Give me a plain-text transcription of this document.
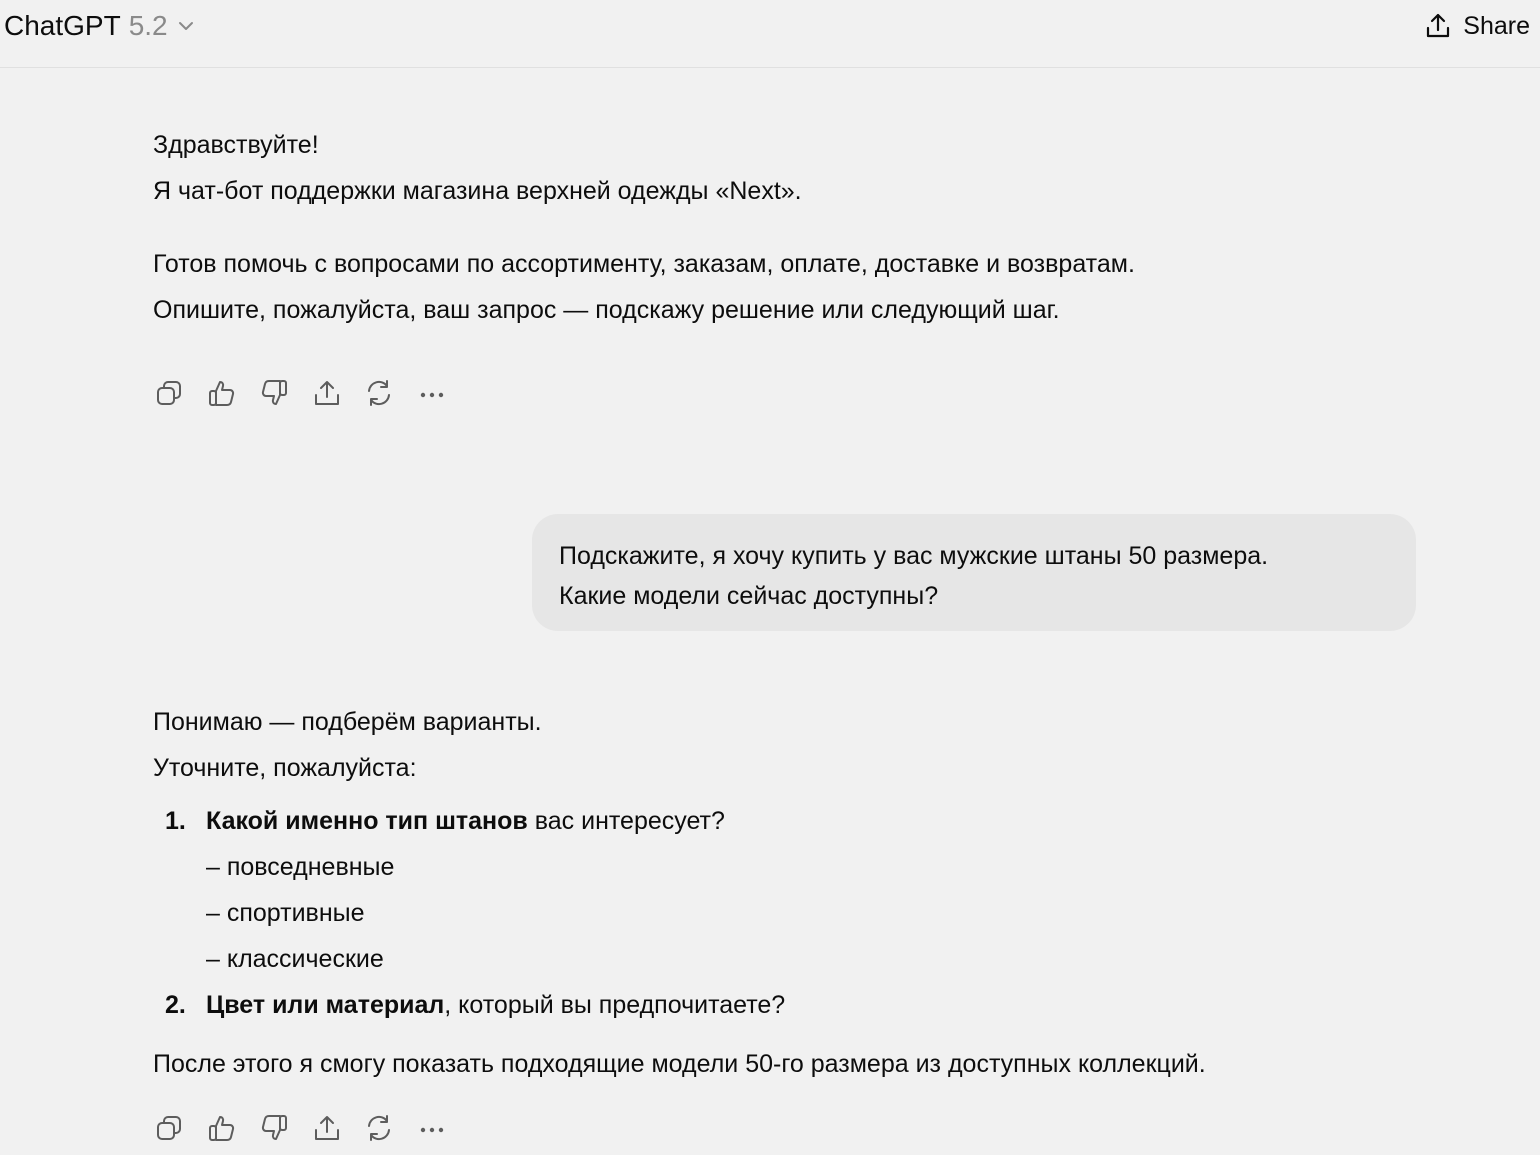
ChatGPT 5.2	Share
Здравствуйте!
Я чат-бот поддержки магазина верхней одежды «Next».
Готов помочь с вопросами по ассортименту, заказам, оплате, доставке и возвратам.
Опишите, пожалуйста, ваш запрос — подскажу решение или следующий шаг.
Подскажите, я хочу купить у вас мужские штаны 50 размера.
Какие модели сейчас доступны?
Понимаю — подберём варианты.
Уточните, пожалуйста:
1. Какой именно тип штанов вас интересует?
– повседневные
– спортивные
– классические
2. Цвет или материал, который вы предпочитаете?
После этого я смогу показать подходящие модели 50-го размера из доступных коллекций.
